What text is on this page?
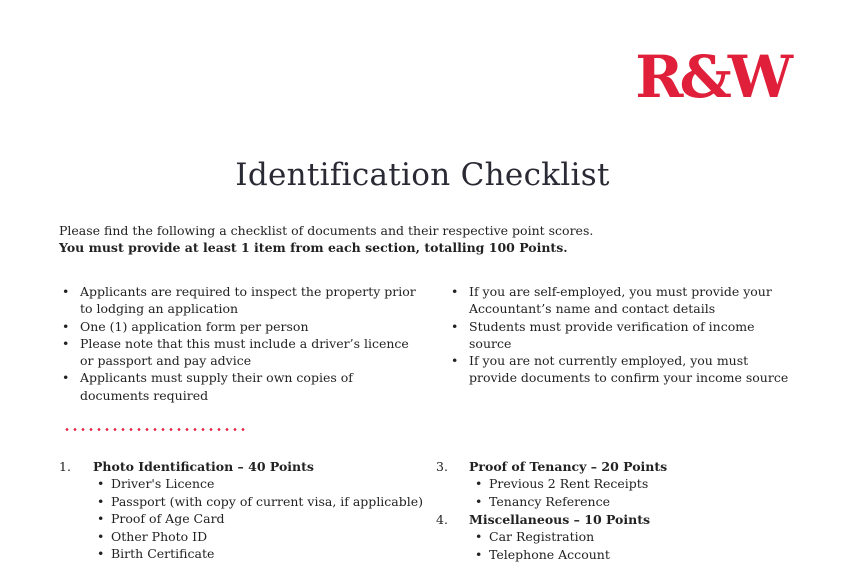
R&W
Identification Checklist
Please find the following a checklist of documents and their respective point scores.
You must provide at least 1 item from each section, totalling 100 Points.
• Applicants are required to inspect the property prior to lodging an application
• One (1) application form per person
• Please note that this must include a driver’s licence or passport and pay advice
• Applicants must supply their own copies of documents required
• If you are self-employed, you must provide your Accountant’s name and contact details
• Students must provide verification of income source
• If you are not currently employed, you must provide documents to confirm your income source
1. Photo Identification – 40 Points
• Driver's Licence
• Passport (with copy of current visa, if applicable)
• Proof of Age Card
• Other Photo ID
• Birth Certificate
3. Proof of Tenancy – 20 Points
• Previous 2 Rent Receipts
• Tenancy Reference
4. Miscellaneous – 10 Points
• Car Registration
• Telephone Account
